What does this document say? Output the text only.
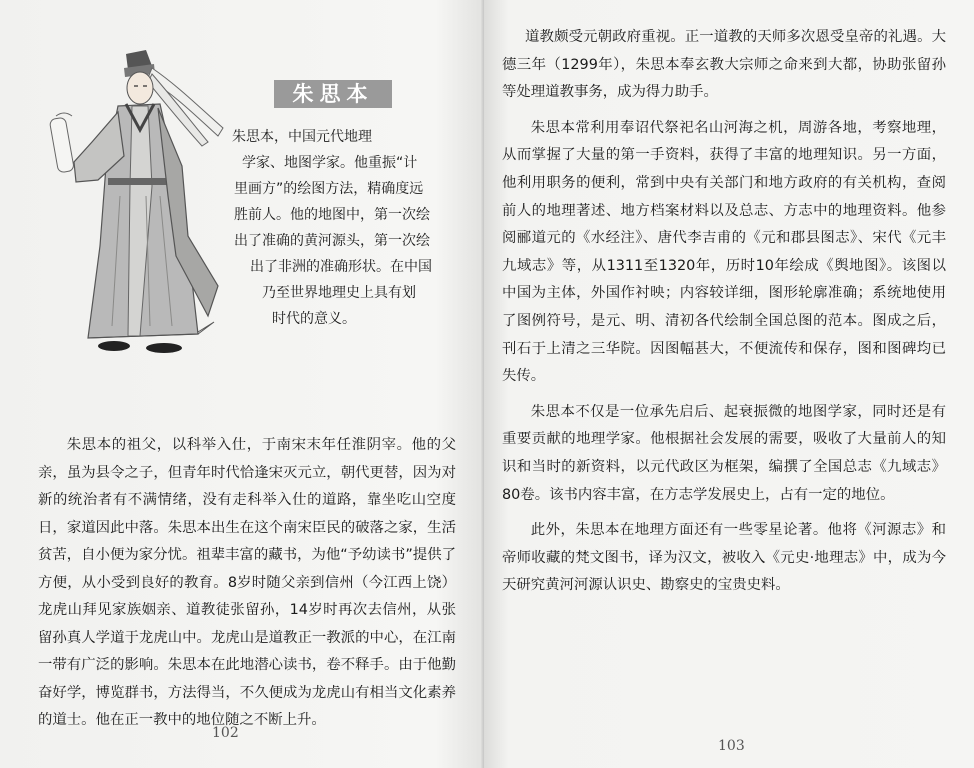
朱思本
朱思本，中国元代地理
学家、地图学家。他重振“计
里画方”的绘图方法，精确度远
胜前人。他的地图中，第一次绘
出了准确的黄河源头，第一次绘
出了非洲的准确形状。在中国
乃至世界地理史上具有划
时代的意义。

朱思本的祖父，以科举入仕，于南宋末年任淮阴宰。他的父亲，虽为县令之子，但青年时代恰逢宋灭元立，朝代更替，因为对新的统治者有不满情绪，没有走科举入仕的道路，靠坐吃山空度日，家道因此中落。朱思本出生在这个南宋臣民的破落之家，生活贫苦，自小便为家分忧。祖辈丰富的藏书，为他“予幼读书”提供了方便，从小受到良好的教育。8岁时随父亲到信州（今江西上饶）龙虎山拜见家族姻亲、道教徒张留孙，14岁时再次去信州，从张留孙真人学道于龙虎山中。龙虎山是道教正一教派的中心，在江南一带有广泛的影响。朱思本在此地潜心读书，卷不释手。由于他勤奋好学，博览群书，方法得当，不久便成为龙虎山有相当文化素养的道士。他在正一教中的地位随之不断上升。

102

道教颇受元朝政府重视。正一道教的天师多次恩受皇帝的礼遇。大德三年（1299年），朱思本奉玄教大宗师之命来到大都，协助张留孙等处理道教事务，成为得力助手。

朱思本常利用奉诏代祭祀名山河海之机，周游各地，考察地理，从而掌握了大量的第一手资料，获得了丰富的地理知识。另一方面，他利用职务的便利，常到中央有关部门和地方政府的有关机构，查阅前人的地理著述、地方档案材料以及总志、方志中的地理资料。他参阅郦道元的《水经注》、唐代李吉甫的《元和郡县图志》、宋代《元丰九域志》等，从1311至1320年，历时10年绘成《舆地图》。该图以中国为主体，外国作衬映；内容较详细，图形轮廓准确；系统地使用了图例符号，是元、明、清初各代绘制全国总图的范本。图成之后，刊石于上清之三华院。因图幅甚大，不便流传和保存，图和图碑均已失传。

朱思本不仅是一位承先启后、起衰振微的地图学家，同时还是有重要贡献的地理学家。他根据社会发展的需要，吸收了大量前人的知识和当时的新资料，以元代政区为框架，编撰了全国总志《九域志》80卷。该书内容丰富，在方志学发展史上，占有一定的地位。

此外，朱思本在地理方面还有一些零星论著。他将《河源志》和帝师收藏的梵文图书，译为汉文，被收入《元史·地理志》中，成为今天研究黄河河源认识史、勘察史的宝贵史料。

103
